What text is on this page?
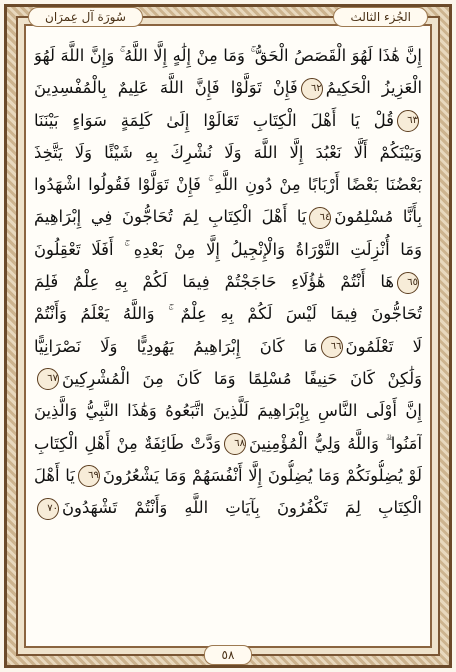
سُورَة آل عِمرَان	الجُزء الثالث
إِنَّ هَٰذَا لَهُوَ الْقَصَصُ الْحَقُّ ۚ وَمَا مِنْ إِلَٰهٍ إِلَّا اللَّهُ ۚ وَإِنَّ اللَّهَ لَهُوَ
الْعَزِيزُ الْحَكِيمُ٦٢فَإِنْ تَوَلَّوْا فَإِنَّ اللَّهَ عَلِيمٌ بِالْمُفْسِدِينَ
٦٣قُلْ يَا أَهْلَ الْكِتَابِ تَعَالَوْا إِلَىٰ كَلِمَةٍ سَوَاءٍ بَيْنَنَا
وَبَيْنَكُمْ أَلَّا نَعْبُدَ إِلَّا اللَّهَ وَلَا نُشْرِكَ بِهِ شَيْئًا وَلَا يَتَّخِذَ
بَعْضُنَا بَعْضًا أَرْبَابًا مِنْ دُونِ اللَّهِ ۚ فَإِنْ تَوَلَّوْا فَقُولُوا اشْهَدُوا
بِأَنَّا مُسْلِمُونَ٦٤يَا أَهْلَ الْكِتَابِ لِمَ تُحَاجُّونَ فِي إِبْرَاهِيمَ
وَمَا أُنْزِلَتِ التَّوْرَاةُ وَالْإِنْجِيلُ إِلَّا مِنْ بَعْدِهِ ۚ أَفَلَا تَعْقِلُونَ
٦٥هَا أَنْتُمْ هَٰؤُلَاءِ حَاجَجْتُمْ فِيمَا لَكُمْ بِهِ عِلْمٌ فَلِمَ
تُحَاجُّونَ فِيمَا لَيْسَ لَكُمْ بِهِ عِلْمٌ ۚ وَاللَّهُ يَعْلَمُ وَأَنْتُمْ
لَا تَعْلَمُونَ٦٦مَا كَانَ إِبْرَاهِيمُ يَهُودِيًّا وَلَا نَصْرَانِيًّا
وَلَٰكِنْ كَانَ حَنِيفًا مُسْلِمًا وَمَا كَانَ مِنَ الْمُشْرِكِينَ٦٧
إِنَّ أَوْلَى النَّاسِ بِإِبْرَاهِيمَ لَلَّذِينَ اتَّبَعُوهُ وَهَٰذَا النَّبِيُّ وَالَّذِينَ
آمَنُوا ۗ وَاللَّهُ وَلِيُّ الْمُؤْمِنِينَ٦٨وَدَّتْ طَائِفَةٌ مِنْ أَهْلِ الْكِتَابِ
لَوْ يُضِلُّونَكُمْ وَمَا يُضِلُّونَ إِلَّا أَنْفُسَهُمْ وَمَا يَشْعُرُونَ٦٩يَا أَهْلَ
الْكِتَابِ لِمَ تَكْفُرُونَ بِآيَاتِ اللَّهِ وَأَنْتُمْ تَشْهَدُونَ٧٠
٥٨
